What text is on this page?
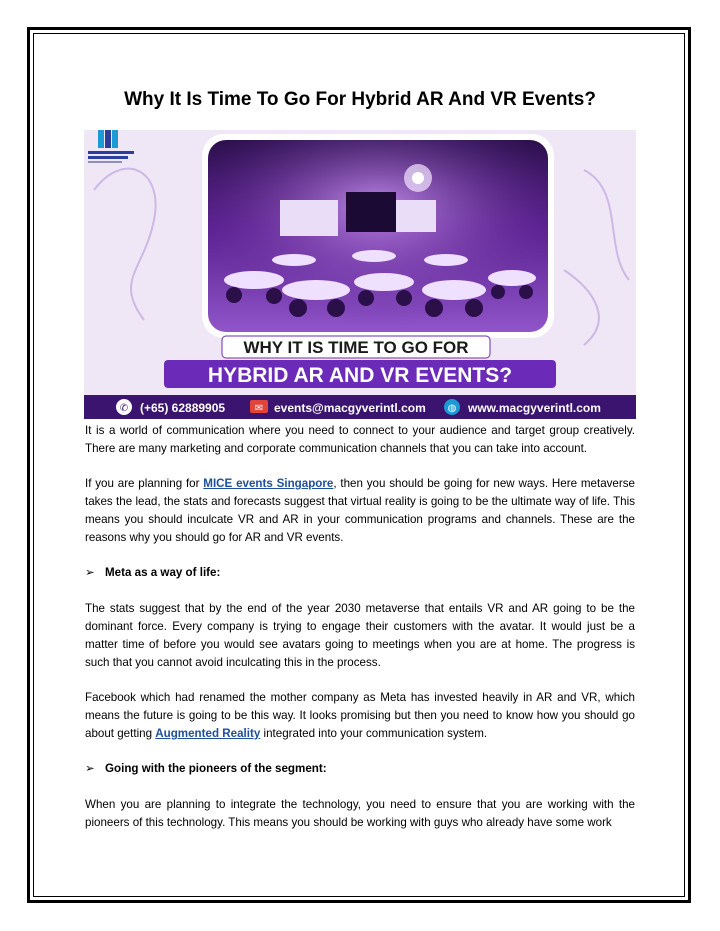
Why It Is Time To Go For Hybrid AR And VR Events?
WHY IT IS TIME TO GO FOR
HYBRID AR AND VR EVENTS?
✆ (+65) 62889905	✉ events@macgyverintl.com ◍ www.macgyverintl.com

It is a world of communication where you need to connect to your audience and target group creatively. There are many marketing and corporate communication channels that you can take into account.

If you are planning for MICE events Singapore, then you should be going for new ways. Here metaverse takes the lead, the stats and forecasts suggest that virtual reality is going to be the ultimate way of life. This means you should inculcate VR and AR in your communication programs and channels. These are the reasons why you should go for AR and VR events.

➢ Meta as a way of life:

The stats suggest that by the end of the year 2030 metaverse that entails VR and AR going to be the dominant force. Every company is trying to engage their customers with the avatar. It would just be a matter time of before you would see avatars going to meetings when you are at home. The progress is such that you cannot avoid inculcating this in the process.

Facebook which had renamed the mother company as Meta has invested heavily in AR and VR, which means the future is going to be this way. It looks promising but then you need to know how you should go about getting Augmented Reality integrated into your communication system.

➢ Going with the pioneers of the segment:

When you are planning to integrate the technology, you need to ensure that you are working with the pioneers of this technology. This means you should be working with guys who already have some work
